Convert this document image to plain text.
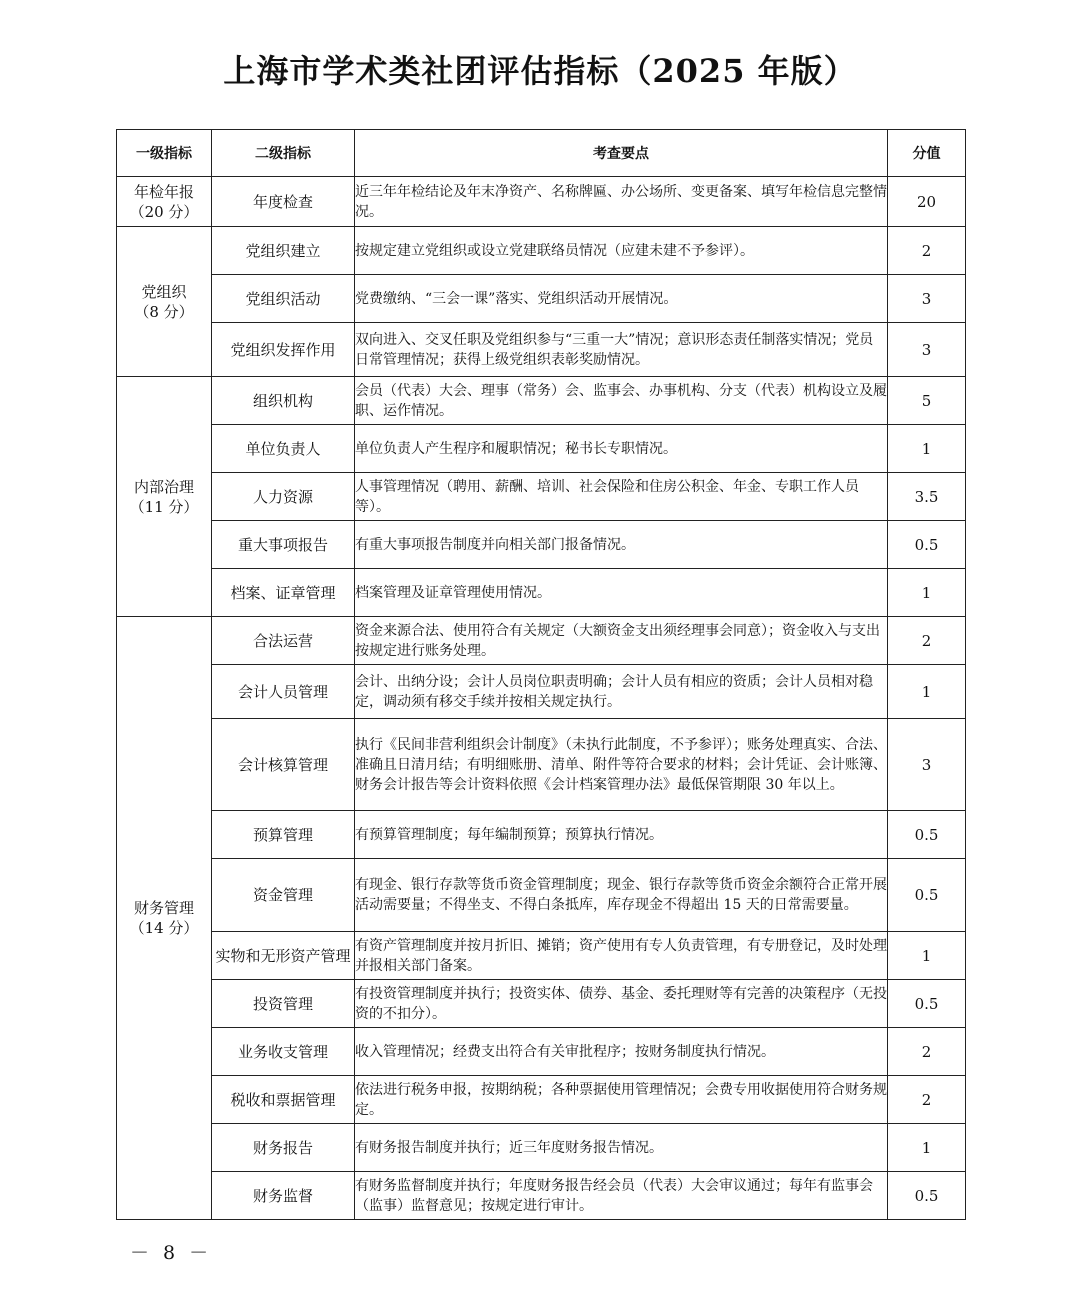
上海市学术类社团评估指标（2025 年版）
一级指标	二级指标	考查要点	分值

年检年报
（20 分）	年度检查	近三年年检结论及年末净资产、名称牌匾、办公场所、变更备案、填写年检信息完整情况。	20

党组织
（8 分）	党组织建立	按规定建立党组织或设立党建联络员情况（应建未建不予参评）。	2
	党组织活动	党费缴纳、“三会一课”落实、党组织活动开展情况。	3
	党组织发挥作用	双向进入、交叉任职及党组织参与“三重一大”情况；意识形态责任制落实情况；党员日常管理情况；获得上级党组织表彰奖励情况。	3

内部治理
（11 分）	组织机构	会员（代表）大会、理事（常务）会、监事会、办事机构、分支（代表）机构设立及履职、运作情况。	5
	单位负责人	单位负责人产生程序和履职情况；秘书长专职情况。	1
	人力资源	人事管理情况（聘用、薪酬、培训、社会保险和住房公积金、年金、专职工作人员等）。	3.5
	重大事项报告	有重大事项报告制度并向相关部门报备情况。	0.5
	档案、证章管理	档案管理及证章管理使用情况。	1

财务管理
（14 分）	合法运营	资金来源合法、使用符合有关规定（大额资金支出须经理事会同意）；资金收入与支出按规定进行账务处理。	2
	会计人员管理	会计、出纳分设；会计人员岗位职责明确；会计人员有相应的资质；会计人员相对稳定，调动须有移交手续并按相关规定执行。	1
	会计核算管理	执行《民间非营利组织会计制度》（未执行此制度，不予参评）；账务处理真实、合法、准确且日清月结；有明细账册、清单、附件等符合要求的材料；会计凭证、会计账簿、财务会计报告等会计资料依照《会计档案管理办法》最低保管期限 30 年以上。	3
	预算管理	有预算管理制度；每年编制预算；预算执行情况。	0.5
	资金管理	有现金、银行存款等货币资金管理制度；现金、银行存款等货币资金余额符合正常开展活动需要量；不得坐支、不得白条抵库，库存现金不得超出 15 天的日常需要量。	0.5
	实物和无形资产管理	有资产管理制度并按月折旧、摊销；资产使用有专人负责管理，有专册登记，及时处理并报相关部门备案。	1
	投资管理	有投资管理制度并执行；投资实体、债券、基金、委托理财等有完善的决策程序（无投资的不扣分）。	0.5
	业务收支管理	收入管理情况；经费支出符合有关审批程序；按财务制度执行情况。	2
	税收和票据管理	依法进行税务申报，按期纳税；各种票据使用管理情况；会费专用收据使用符合财务规定。	2
	财务报告	有财务报告制度并执行；近三年度财务报告情况。	1
	财务监督	有财务监督制度并执行；年度财务报告经会员（代表）大会审议通过；每年有监事会（监事）监督意见；按规定进行审计。	0.5
－ 8 －
